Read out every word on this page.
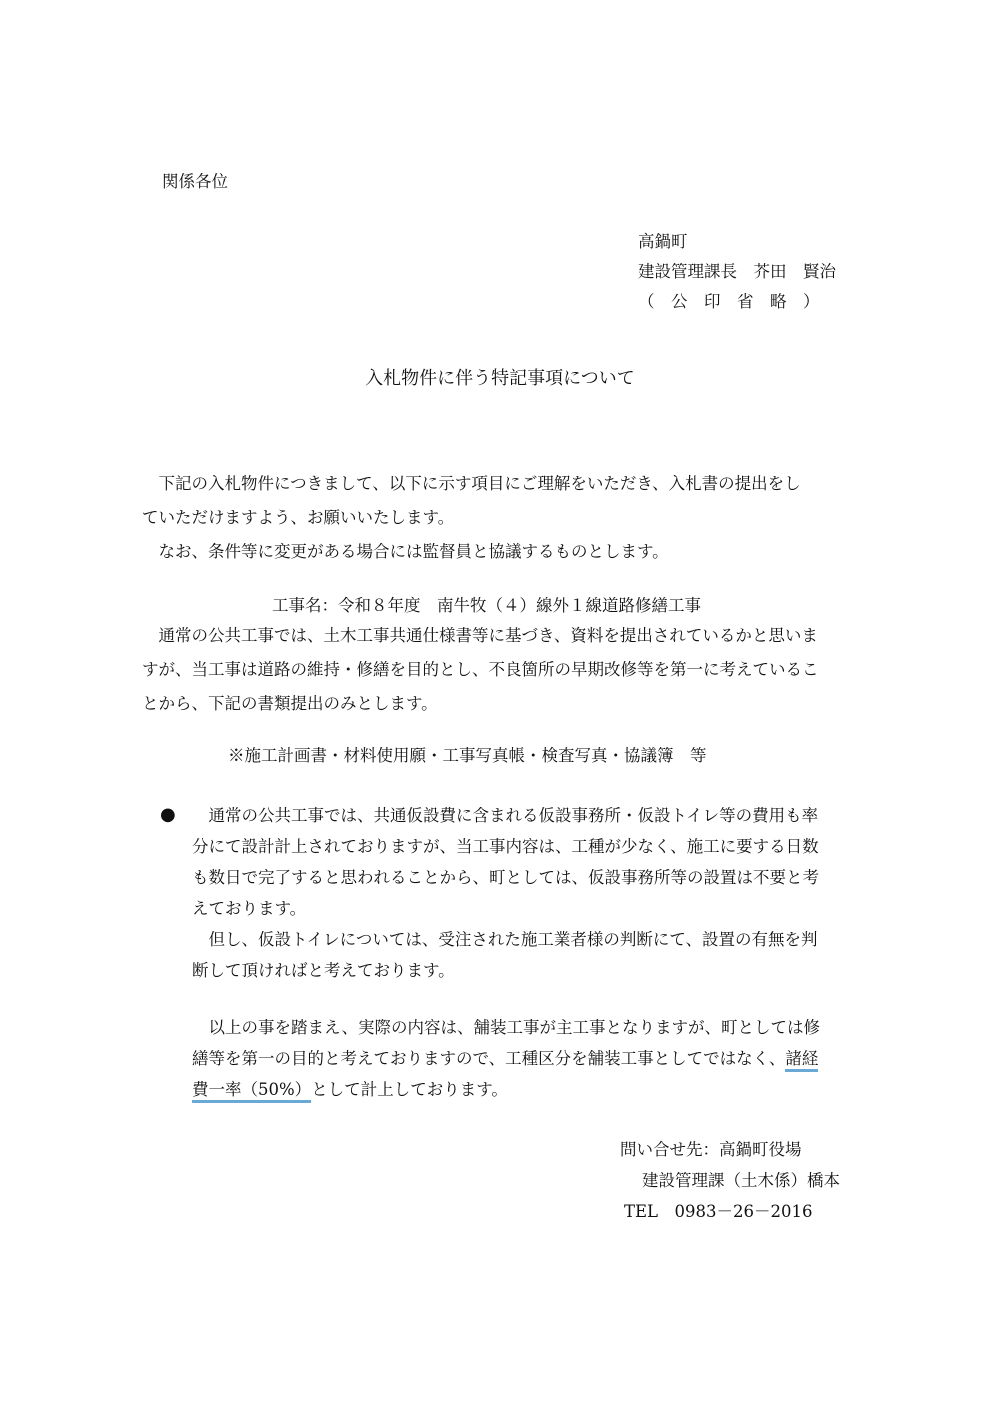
関係各位
高鍋町
建設管理課長　芥田　賢治
（　公　印　省　略　）
入札物件に伴う特記事項について
　下記の入札物件につきまして、以下に示す項目にご理解をいただき、入札書の提出をし
ていただけますよう、お願いいたします。
　なお、条件等に変更がある場合には監督員と協議するものとします。
工事名：令和８年度　南牛牧（４）線外１線道路修繕工事
　通常の公共工事では、土木工事共通仕様書等に基づき、資料を提出されているかと思いま
すが、当工事は道路の維持・修繕を目的とし、不良箇所の早期改修等を第一に考えているこ
とから、下記の書類提出のみとします。
※施工計画書・材料使用願・工事写真帳・検査写真・協議簿　等
● 　通常の公共工事では、共通仮設費に含まれる仮設事務所・仮設トイレ等の費用も率
分にて設計計上されておりますが、当工事内容は、工種が少なく、施工に要する日数
も数日で完了すると思われることから、町としては、仮設事務所等の設置は不要と考
えております。
　但し、仮設トイレについては、受注された施工業者様の判断にて、設置の有無を判
断して頂ければと考えております。
　以上の事を踏まえ、実際の内容は、舗装工事が主工事となりますが、町としては修
繕等を第一の目的と考えておりますので、工種区分を舗装工事としてではなく、諸経
費一率（50%）として計上しております。
問い合せ先：高鍋町役場
建設管理課（土木係）橋本
TEL　0983－26－2016
